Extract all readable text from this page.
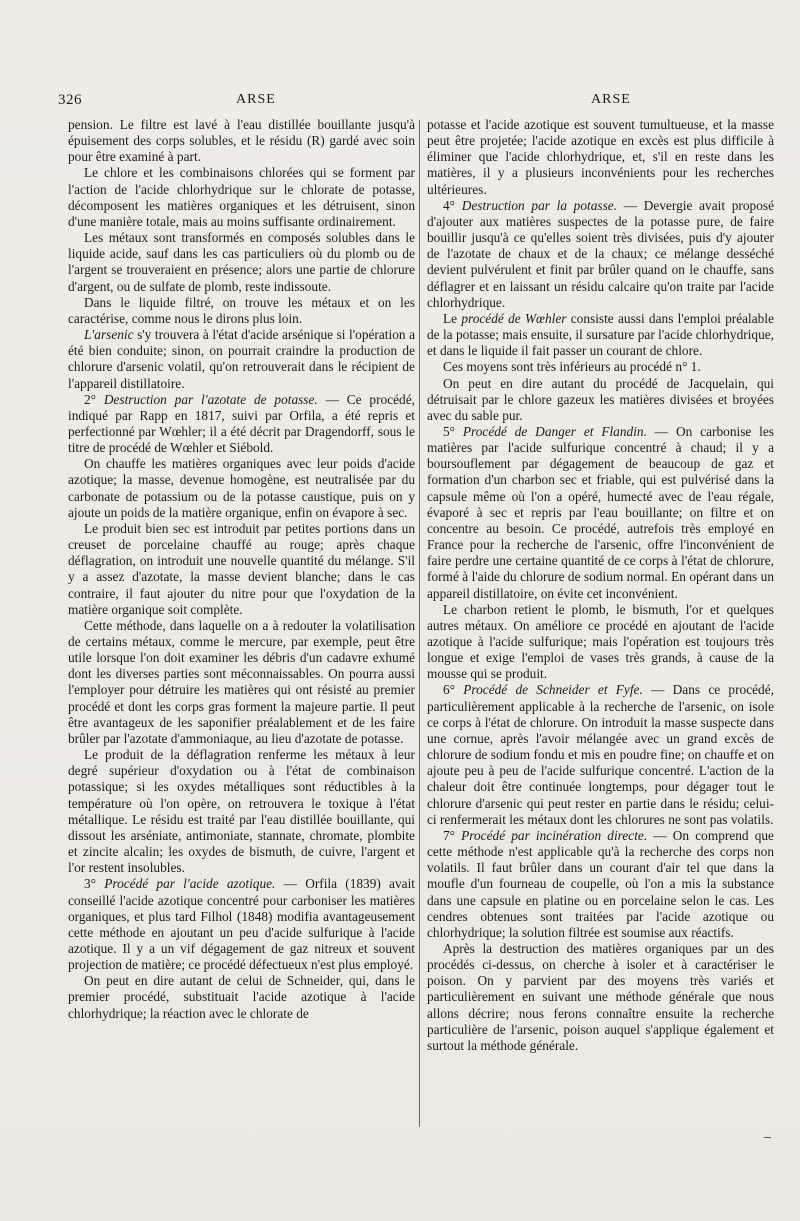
326	ARSE	ARSE

pension. Le filtre est lavé à l'eau distillée bouillante jusqu'à épuisement des corps solubles, et le résidu (R) gardé avec soin pour être examiné à part.

Le chlore et les combinaisons chlorées qui se forment par l'action de l'acide chlorhydrique sur le chlorate de potasse, décomposent les matières organiques et les détruisent, sinon d'une manière totale, mais au moins suffisante ordinairement.

Les métaux sont transformés en composés solubles dans le liquide acide, sauf dans les cas particuliers où du plomb ou de l'argent se trouveraient en présence; alors une partie de chlorure d'argent, ou de sulfate de plomb, reste indissoute.

Dans le liquide filtré, on trouve les métaux et on les caractérise, comme nous le dirons plus loin.

L'arsenic s'y trouvera à l'état d'acide arsénique si l'opération a été bien conduite; sinon, on pourrait craindre la production de chlorure d'arsenic volatil, qu'on retrouverait dans le récipient de l'appareil distillatoire.

2° Destruction par l'azotate de potasse. — Ce procédé, indiqué par Rapp en 1817, suivi par Orfila, a été repris et perfectionné par Wœhler; il a été décrit par Dragendorff, sous le titre de procédé de Wœhler et Siébold.

On chauffe les matières organiques avec leur poids d'acide azotique; la masse, devenue homogène, est neutralisée par du carbonate de potassium ou de la potasse caustique, puis on y ajoute un poids de la matière organique, enfin on évapore à sec.

Le produit bien sec est introduit par petites portions dans un creuset de porcelaine chauffé au rouge; après chaque déflagration, on introduit une nouvelle quantité du mélange. S'il y a assez d'azotate, la masse devient blanche; dans le cas contraire, il faut ajouter du nitre pour que l'oxydation de la matière organique soit complète.

Cette méthode, dans laquelle on a à redouter la volatilisation de certains métaux, comme le mercure, par exemple, peut être utile lorsque l'on doit examiner les débris d'un cadavre exhumé dont les diverses parties sont méconnaissables. On pourra aussi l'employer pour détruire les matières qui ont résisté au premier procédé et dont les corps gras forment la majeure partie. Il peut être avantageux de les saponifier préalablement et de les faire brûler par l'azotate d'ammoniaque, au lieu d'azotate de potasse.

Le produit de la déflagration renferme les métaux à leur degré supérieur d'oxydation ou à l'état de combinaison potassique; si les oxydes métalliques sont réductibles à la température où l'on opère, on retrouvera le toxique à l'état métallique. Le résidu est traité par l'eau distillée bouillante, qui dissout les arséniate, antimoniate, stannate, chromate, plombite et zincite alcalin; les oxydes de bismuth, de cuivre, l'argent et l'or restent insolubles.

3° Procédé par l'acide azotique. — Orfila (1839) avait conseillé l'acide azotique concentré pour carboniser les matières organiques, et plus tard Filhol (1848) modifia avantageusement cette méthode en ajoutant un peu d'acide sulfurique à l'acide azotique. Il y a un vif dégagement de gaz nitreux et souvent projection de matière; ce procédé défectueux n'est plus employé.

On peut en dire autant de celui de Schneider, qui, dans le premier procédé, substituait l'acide azotique à l'acide chlorhydrique; la réaction avec le chlorate de

potasse et l'acide azotique est souvent tumultueuse, et la masse peut être projetée; l'acide azotique en excès est plus difficile à éliminer que l'acide chlorhydrique, et, s'il en reste dans les matières, il y a plusieurs inconvénients pour les recherches ultérieures.

4° Destruction par la potasse. — Devergie avait proposé d'ajouter aux matières suspectes de la potasse pure, de faire bouillir jusqu'à ce qu'elles soient très divisées, puis d'y ajouter de l'azotate de chaux et de la chaux; ce mélange desséché devient pulvérulent et finit par brûler quand on le chauffe, sans déflagrer et en laissant un résidu calcaire qu'on traite par l'acide chlorhydrique.

Le procédé de Wœhler consiste aussi dans l'emploi préalable de la potasse; mais ensuite, il sursature par l'acide chlorhydrique, et dans le liquide il fait passer un courant de chlore.

Ces moyens sont très inférieurs au procédé n° 1.

On peut en dire autant du procédé de Jacquelain, qui détruisait par le chlore gazeux les matières divisées et broyées avec du sable pur.

5° Procédé de Danger et Flandin. — On carbonise les matières par l'acide sulfurique concentré à chaud; il y a boursouflement par dégagement de beaucoup de gaz et formation d'un charbon sec et friable, qui est pulvérisé dans la capsule même où l'on a opéré, humecté avec de l'eau régale, évaporé à sec et repris par l'eau bouillante; on filtre et on concentre au besoin. Ce procédé, autrefois très employé en France pour la recherche de l'arsenic, offre l'inconvénient de faire perdre une certaine quantité de ce corps à l'état de chlorure, formé à l'aide du chlorure de sodium normal. En opérant dans un appareil distillatoire, on évite cet inconvénient.

Le charbon retient le plomb, le bismuth, l'or et quelques autres métaux. On améliore ce procédé en ajoutant de l'acide azotique à l'acide sulfurique; mais l'opération est toujours très longue et exige l'emploi de vases très grands, à cause de la mousse qui se produit.

6° Procédé de Schneider et Fyfe. — Dans ce procédé, particulièrement applicable à la recherche de l'arsenic, on isole ce corps à l'état de chlorure. On introduit la masse suspecte dans une cornue, après l'avoir mélangée avec un grand excès de chlorure de sodium fondu et mis en poudre fine; on chauffe et on ajoute peu à peu de l'acide sulfurique concentré. L'action de la chaleur doit être continuée longtemps, pour dégager tout le chlorure d'arsenic qui peut rester en partie dans le résidu; celui-ci renfermerait les métaux dont les chlorures ne sont pas volatils.

7° Procédé par incinération directe. — On comprend que cette méthode n'est applicable qu'à la recherche des corps non volatils. Il faut brûler dans un courant d'air tel que dans la moufle d'un fourneau de coupelle, où l'on a mis la substance dans une capsule en platine ou en porcelaine selon le cas. Les cendres obtenues sont traitées par l'acide azotique ou chlorhydrique; la solution filtrée est soumise aux réactifs.

Après la destruction des matières organiques par un des procédés ci-dessus, on cherche à isoler et à caractériser le poison. On y parvient par des moyens très variés et particulièrement en suivant une méthode générale que nous allons décrire; nous ferons connaître ensuite la recherche particulière de l'arsenic, poison auquel s'applique également et surtout la méthode générale.
